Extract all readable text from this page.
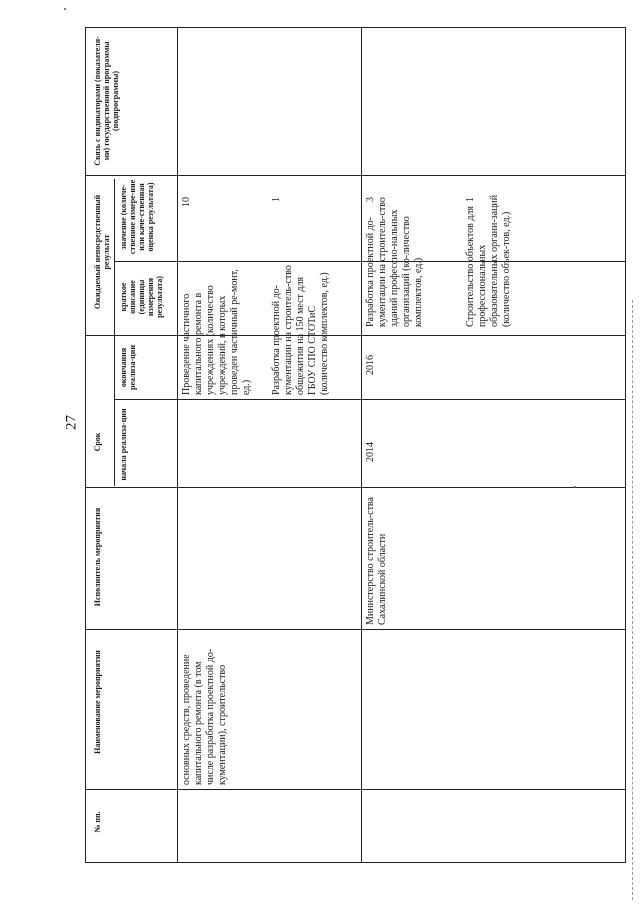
27
№ пп.
Наименование мероприятия
Исполнитель мероприятия
Срок начала реализа-ции
окончания реализа-ции
Ожидаемый непосредственный результат
краткое описание (единицы измерения результата)
значение (количе-ственное измере-ние или каче-ственная оценка результата)
Связь с индикаторами (показателя-ми) государственной программы (подпрограммы)
основных средств, проведение капитального ремонта (в том числе разработка проектной до-кументации), строительство
Проведение частичного капитального ремонта в учреждениях (количество учреждений, в которых проведен частичный ре-монт, ед.)
10
Разработка проектной до-кументации на строитель-ство общежития на 150 мест для ГБОУ СПО СТОТиС (количество комплектов, ед.)
1
Министерство строитель-ства Сахалинской области
2014
2016
Разработка проектной до-кументации на строитель-ство зданий профессио-нальных организаций (ко-личество комплектов, ед.)
3
Строительство объектов для профессиональных образовательных органи-заций (количество объек-тов, ед.)
1
